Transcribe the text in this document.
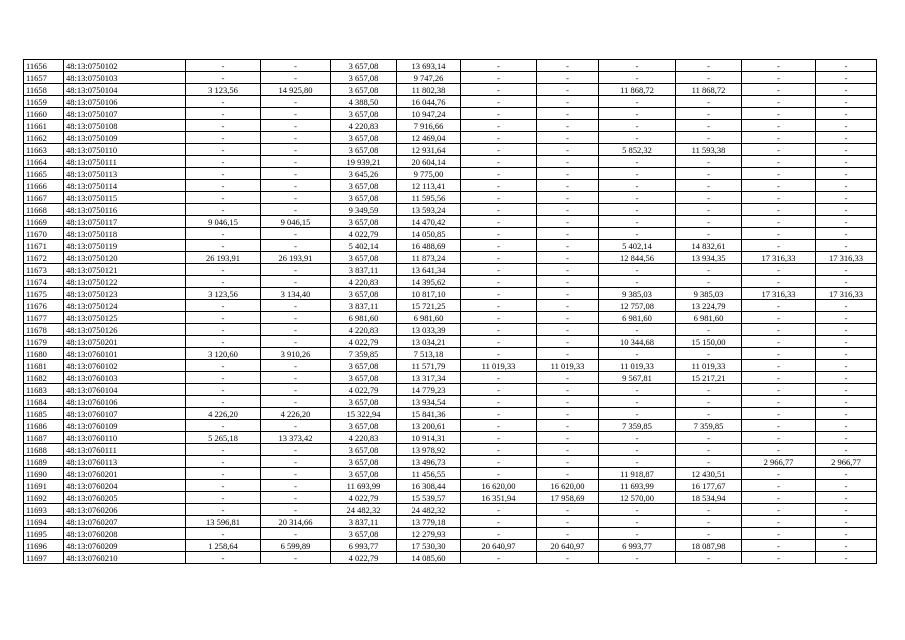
11656	48:13:0750102	-	-	3 657,08	13 693,14	-	-	-	-	-	-
11657	48:13:0750103	-	-	3 657,08	9 747,26	-	-	-	-	-	-
11658	48:13:0750104	3 123,56	14 925,80	3 657,08	11 802,38	-	-	11 868,72	11 868,72	-	-
11659	48:13:0750106	-	-	4 388,50	16 044,76	-	-	-	-	-	-
11660	48:13:0750107	-	-	3 657,08	10 947,24	-	-	-	-	-	-
11661	48:13:0750108	-	-	4 220,83	7 916,66	-	-	-	-	-	-
11662	48:13:0750109	-	-	3 657,08	12 469,04	-	-	-	-	-	-
11663	48:13:0750110	-	-	3 657,08	12 931,64	-	-	5 852,32	11 593,38	-	-
11664	48:13:0750111	-	-	19 939,21	20 604,14	-	-	-	-	-	-
11665	48:13:0750113	-	-	3 645,26	9 775,00	-	-	-	-	-	-
11666	48:13:0750114	-	-	3 657,08	12 113,41	-	-	-	-	-	-
11667	48:13:0750115	-	-	3 657,08	11 595,56	-	-	-	-	-	-
11668	48:13:0750116	-	-	9 349,59	13 593,24	-	-	-	-	-	-
11669	48:13:0750117	9 046,15	9 046,15	3 657,08	14 470,42	-	-	-	-	-	-
11670	48:13:0750118	-	-	4 022,79	14 050,85	-	-	-	-	-	-
11671	48:13:0750119	-	-	5 402,14	16 488,69	-	-	5 402,14	14 832,61	-	-
11672	48:13:0750120	26 193,91	26 193,91	3 657,08	11 873,24	-	-	12 844,56	13 934,35	17 316,33	17 316,33
11673	48:13:0750121	-	-	3 837,11	13 641,34	-	-	-	-	-	-
11674	48:13:0750122	-	-	4 220,83	14 395,62	-	-	-	-	-	-
11675	48:13:0750123	3 123,56	3 134,40	3 657,08	10 817,10	-	-	9 385,03	9 385,03	17 316,33	17 316,33
11676	48:13:0750124	-	-	3 837,11	15 721,25	-	-	12 757,08	13 224,79	-	-
11677	48:13:0750125	-	-	6 981,60	6 981,60	-	-	6 981,60	6 981,60	-	-
11678	48:13:0750126	-	-	4 220,83	13 033,39	-	-	-	-	-	-
11679	48:13:0750201	-	-	4 022,79	13 034,21	-	-	10 344,68	15 150,00	-	-
11680	48:13:0760101	3 120,60	3 910,26	7 359,85	7 513,18	-	-	-	-	-	-
11681	48:13:0760102	-	-	3 657,08	11 571,79	11 019,33	11 019,33	11 019,33	11 019,33	-	-
11682	48:13:0760103	-	-	3 657,08	13 317,34	-	-	9 567,81	15 217,21	-	-
11683	48:13:0760104	-	-	4 022,79	14 779,23	-	-	-	-	-	-
11684	48:13:0760106	-	-	3 657,08	13 934,54	-	-	-	-	-	-
11685	48:13:0760107	4 226,20	4 226,20	15 322,94	15 841,36	-	-	-	-	-	-
11686	48:13:0760109	-	-	3 657,08	13 200,61	-	-	7 359,85	7 359,85	-	-
11687	48:13:0760110	5 265,18	13 373,42	4 220,83	10 914,31	-	-	-	-	-	-
11688	48:13:0760111	-	-	3 657,08	13 978,92	-	-	-	-	-	-
11689	48:13:0760113	-	-	3 657,08	13 496,73	-	-	-	-	2 966,77	2 966,77
11690	48:13:0760201	-	-	3 657,08	11 456,55	-	-	11 918,87	12 430,51	-	-
11691	48:13:0760204	-	-	11 693,99	16 308,44	16 620,00	16 620,00	11 693,99	16 177,67	-	-
11692	48:13:0760205	-	-	4 022,79	15 539,57	16 351,94	17 958,69	12 570,00	18 534,94	-	-
11693	48:13:0760206	-	-	24 482,32	24 482,32	-	-	-	-	-	-
11694	48:13:0760207	13 596,81	20 314,66	3 837,11	13 779,18	-	-	-	-	-	-
11695	48:13:0760208	-	-	3 657,08	12 279,93	-	-	-	-	-	-
11696	48:13:0760209	1 258,64	6 599,89	6 993,77	17 530,30	20 640,97	20 640,97	6 993,77	18 087,98	-	-
11697	48:13:0760210	-	-	4 022,79	14 085,60	-	-	-	-	-	-
